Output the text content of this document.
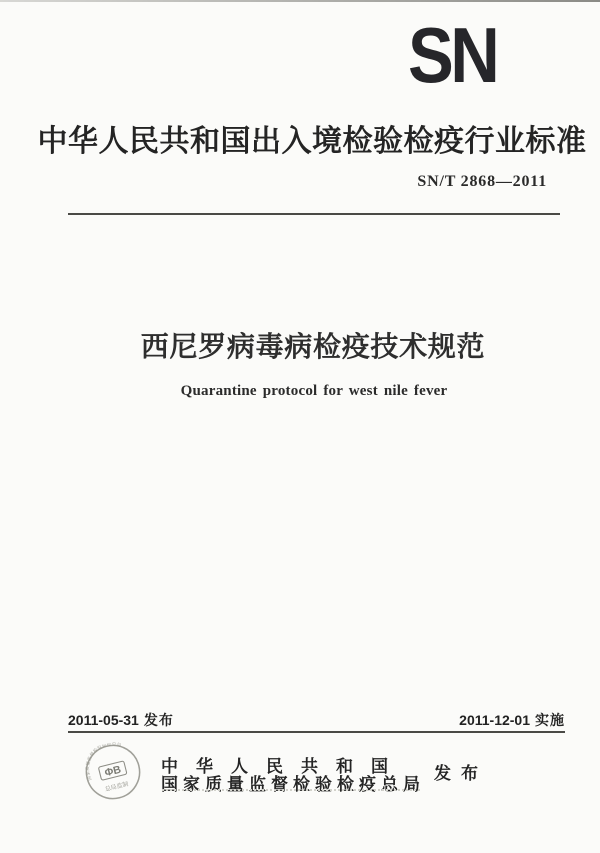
SN
中华人民共和国出入境检验检疫行业标准
SN/T 2868—2011
西尼罗病毒病检疫技术规范
Quarantine protocol for west nile fever
2011-05-31 发布	2011-12-01 实施
国家质量监督检验检疫总局
ΦB
总局监制
中华人民共和国
国家质量监督检验检疫总局
发布
